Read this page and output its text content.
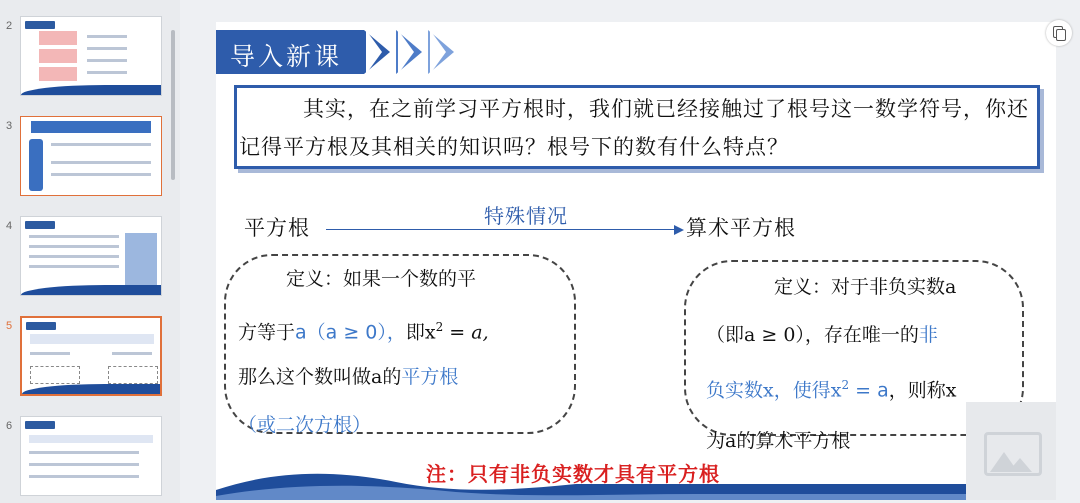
2
3
4
5
6
导入新课

其实，在之前学习平方根时，我们就已经接触过了根号这一数学符号，你还记得平方根及其相关的知识吗？根号下的数有什么特点？

平方根	特殊情况	算术平方根
定义：如果一个数的平
方等于a（a ≥ 0），即$x^2 = a$,
那么这个数叫做a的平方根
（或二次方根）
定义：对于非负实数a
（即a ≥ 0），存在唯一的非
负实数x，使得$x^2 = a$，则称x
为a的算术平方根
注：只有非负实数才具有平方根
